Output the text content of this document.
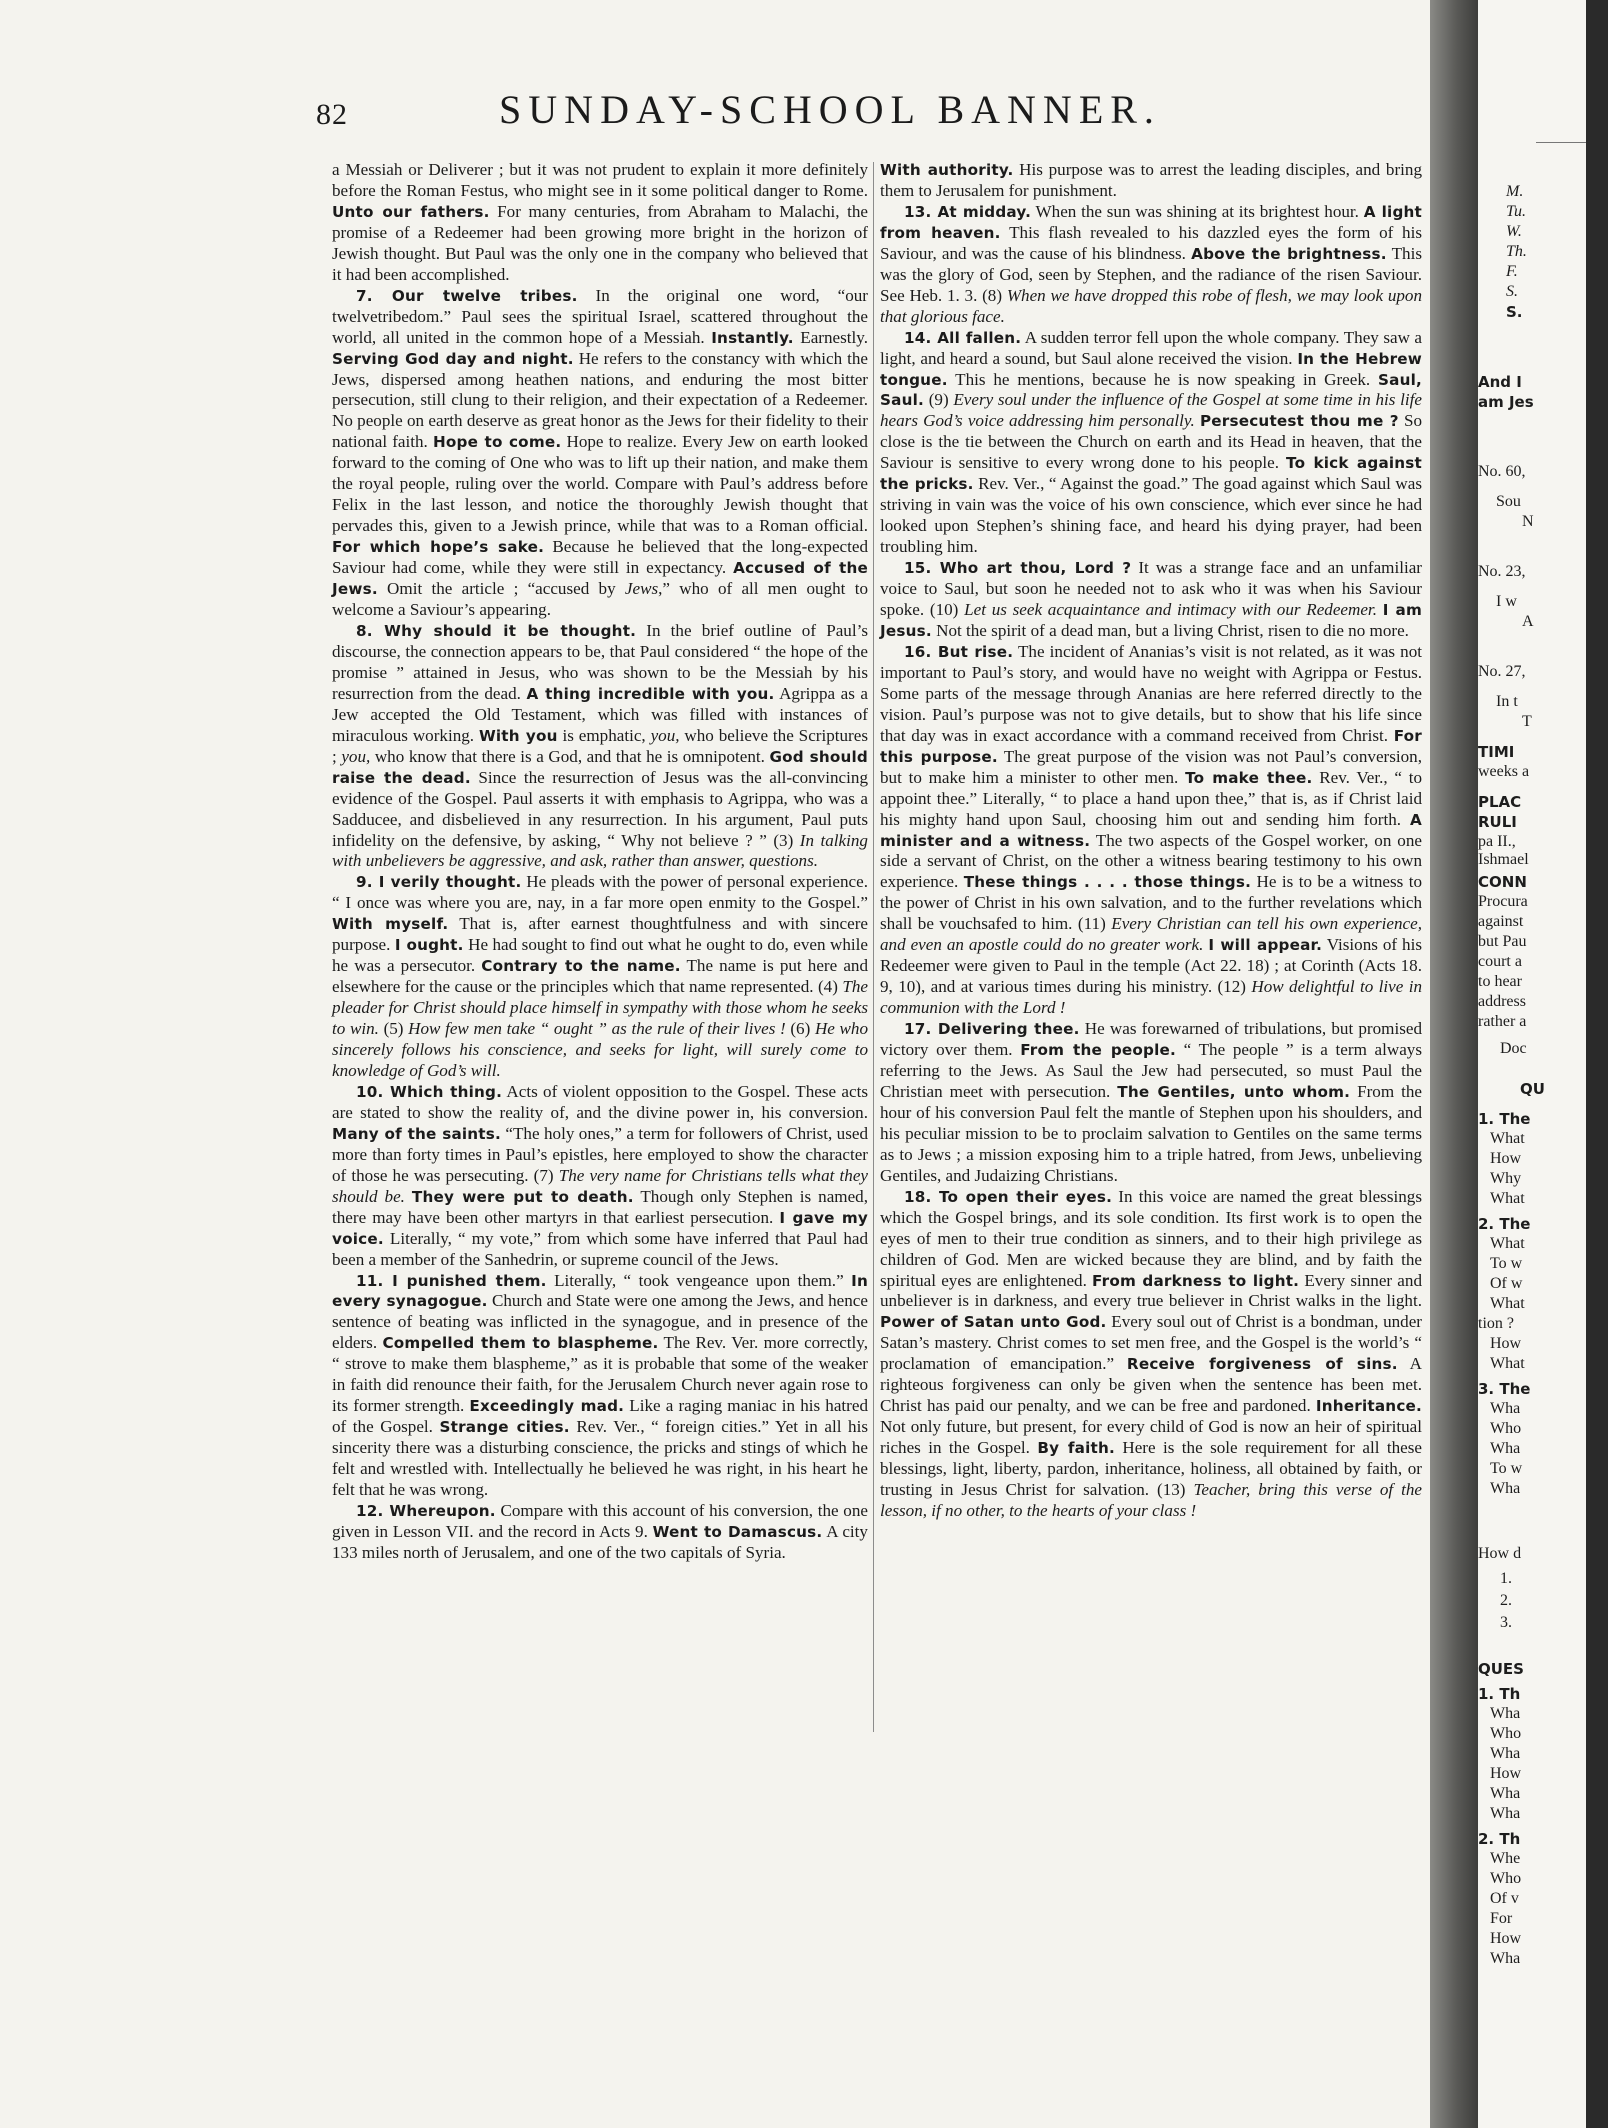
82	SUNDAY-SCHOOL BANNER.

a Messiah or Deliverer ; but it was not prudent to explain it more definitely before the Roman Festus, who might see in it some political danger to Rome. Unto our fathers. For many centuries, from Abraham to Malachi, the promise of a Redeemer had been growing more bright in the horizon of Jewish thought. But Paul was the only one in the company who believed that it had been accomplished.

7. Our twelve tribes. In the original one word, “our twelvetribedom.” Paul sees the spiritual Israel, scattered throughout the world, all united in the common hope of a Messiah. Instantly. Earnestly. Serving God day and night. He refers to the constancy with which the Jews, dispersed among heathen nations, and enduring the most bitter persecution, still clung to their religion, and their expectation of a Redeemer. No people on earth deserve as great honor as the Jews for their fidelity to their national faith. Hope to come. Hope to realize. Every Jew on earth looked forward to the coming of One who was to lift up their nation, and make them the royal people, ruling over the world. Compare with Paul’s address before Felix in the last lesson, and notice the thoroughly Jewish thought that pervades this, given to a Jewish prince, while that was to a Roman official. For which hope’s sake. Because he believed that the long-expected Saviour had come, while they were still in expectancy. Accused of the Jews. Omit the article ; “accused by Jews,” who of all men ought to welcome a Saviour’s appearing.

8. Why should it be thought. In the brief outline of Paul’s discourse, the connection appears to be, that Paul considered “ the hope of the promise ” attained in Jesus, who was shown to be the Messiah by his resurrection from the dead. A thing incredible with you. Agrippa as a Jew accepted the Old Testament, which was filled with instances of miraculous working. With you is emphatic, you, who believe the Scriptures ; you, who know that there is a God, and that he is omnipotent. God should raise the dead. Since the resurrection of Jesus was the all-convincing evidence of the Gospel. Paul asserts it with emphasis to Agrippa, who was a Sadducee, and disbelieved in any resurrection. In his argument, Paul puts infidelity on the defensive, by asking, “ Why not believe ? ” (3) In talking with unbelievers be aggressive, and ask, rather than answer, questions.

9. I verily thought. He pleads with the power of personal experience. “ I once was where you are, nay, in a far more open enmity to the Gospel.” With myself. That is, after earnest thoughtfulness and with sincere purpose. I ought. He had sought to find out what he ought to do, even while he was a persecutor. Contrary to the name. The name is put here and elsewhere for the cause or the principles which that name represented. (4) The pleader for Christ should place himself in sympathy with those whom he seeks to win. (5) How few men take “ ought ” as the rule of their lives ! (6) He who sincerely follows his conscience, and seeks for light, will surely come to knowledge of God’s will.

10. Which thing. Acts of violent opposition to the Gospel. These acts are stated to show the reality of, and the divine power in, his conversion. Many of the saints. “The holy ones,” a term for followers of Christ, used more than forty times in Paul’s epistles, here employed to show the character of those he was persecuting. (7) The very name for Christians tells what they should be. They were put to death. Though only Stephen is named, there may have been other martyrs in that earliest persecution. I gave my voice. Literally, “ my vote,” from which some have inferred that Paul had been a member of the Sanhedrin, or supreme council of the Jews.

11. I punished them. Literally, “ took vengeance upon them.” In every synagogue. Church and State were one among the Jews, and hence sentence of beating was inflicted in the synagogue, and in presence of the elders. Compelled them to blaspheme. The Rev. Ver. more correctly, “ strove to make them blaspheme,” as it is probable that some of the weaker in faith did renounce their faith, for the Jerusalem Church never again rose to its former strength. Exceedingly mad. Like a raging maniac in his hatred of the Gospel. Strange cities. Rev. Ver., “ foreign cities.” Yet in all his sincerity there was a disturbing conscience, the pricks and stings of which he felt and wrestled with. Intellectually he believed he was right, in his heart he felt that he was wrong.

12. Whereupon. Compare with this account of his conversion, the one given in Lesson VII. and the record in Acts 9. Went to Damascus. A city 133 miles north of Jerusalem, and one of the two capitals of Syria.

With authority. His purpose was to arrest the leading disciples, and bring them to Jerusalem for punishment.

13. At midday. When the sun was shining at its brightest hour. A light from heaven. This flash revealed to his dazzled eyes the form of his Saviour, and was the cause of his blindness. Above the brightness. This was the glory of God, seen by Stephen, and the radiance of the risen Saviour. See Heb. 1. 3. (8) When we have dropped this robe of flesh, we may look upon that glorious face.

14. All fallen. A sudden terror fell upon the whole company. They saw a light, and heard a sound, but Saul alone received the vision. In the Hebrew tongue. This he mentions, because he is now speaking in Greek. Saul, Saul. (9) Every soul under the influence of the Gospel at some time in his life hears God’s voice addressing him personally. Persecutest thou me ? So close is the tie between the Church on earth and its Head in heaven, that the Saviour is sensitive to every wrong done to his people. To kick against the pricks. Rev. Ver., “ Against the goad.” The goad against which Saul was striving in vain was the voice of his own conscience, which ever since he had looked upon Stephen’s shining face, and heard his dying prayer, had been troubling him.

15. Who art thou, Lord ? It was a strange face and an unfamiliar voice to Saul, but soon he needed not to ask who it was when his Saviour spoke. (10) Let us seek acquaintance and intimacy with our Redeemer. I am Jesus. Not the spirit of a dead man, but a living Christ, risen to die no more.

16. But rise. The incident of Ananias’s visit is not related, as it was not important to Paul’s story, and would have no weight with Agrippa or Festus. Some parts of the message through Ananias are here referred directly to the vision. Paul’s purpose was not to give details, but to show that his life since that day was in exact accordance with a command received from Christ. For this purpose. The great purpose of the vision was not Paul’s conversion, but to make him a minister to other men. To make thee. Rev. Ver., “ to appoint thee.” Literally, “ to place a hand upon thee,” that is, as if Christ laid his mighty hand upon Saul, choosing him out and sending him forth. A minister and a witness. The two aspects of the Gospel worker, on one side a servant of Christ, on the other a witness bearing testimony to his own experience. These things . . . . those things. He is to be a witness to the power of Christ in his own salvation, and to the further revelations which shall be vouchsafed to him. (11) Every Christian can tell his own experience, and even an apostle could do no greater work. I will appear. Visions of his Redeemer were given to Paul in the temple (Act 22. 18) ; at Corinth (Acts 18. 9, 10), and at various times during his ministry. (12) How delightful to live in communion with the Lord !

17. Delivering thee. He was forewarned of tribulations, but promised victory over them. From the people. “ The people ” is a term always referring to the Jews. As Saul the Jew had persecuted, so must Paul the Christian meet with persecution. The Gentiles, unto whom. From the hour of his conversion Paul felt the mantle of Stephen upon his shoulders, and his peculiar mission to be to proclaim salvation to Gentiles on the same terms as to Jews ; a mission exposing him to a triple hatred, from Jews, unbelieving Gentiles, and Judaizing Christians.

18. To open their eyes. In this voice are named the great blessings which the Gospel brings, and its sole condition. Its first work is to open the eyes of men to their true condition as sinners, and to their high privilege as children of God. Men are wicked because they are blind, and by faith the spiritual eyes are enlightened. From darkness to light. Every sinner and unbeliever is in darkness, and every true believer in Christ walks in the light. Power of Satan unto God. Every soul out of Christ is a bondman, under Satan’s mastery. Christ comes to set men free, and the Gospel is the world’s “ proclamation of emancipation.” Receive forgiveness of sins. A righteous forgiveness can only be given when the sentence has been met. Christ has paid our penalty, and we can be free and pardoned. Inheritance. Not only future, but present, for every child of God is now an heir of spiritual riches in the Gospel. By faith. Here is the sole requirement for all these blessings, light, liberty, pardon, inheritance, holiness, all obtained by faith, or trusting in Jesus Christ for salvation. (13) Teacher, bring this verse of the lesson, if no other, to the hearts of your class !

M.
Tu.
W.
Th.
F.
S.
S.
And I
am Jes
No. 60,
Sou
N
No. 23,
I w
A
No. 27,
In t
T
TIMI
weeks a
PLAC
RULI
pa II.,
Ishmael
CONN
Procura
against
but Pau
court a
to hear
address
rather a
Doc
QU
1. The
What
How
Why
What
2. The
What
To w
Of w
What
tion ?
How
What
3. The
Wha
Who
Wha
To w
Wha
How d
1.
2.
3.
QUES
1. Th
Wha
Who
Wha
How
Wha
Wha
2. Th
Whe
Who
Of v
For
How
Wha
